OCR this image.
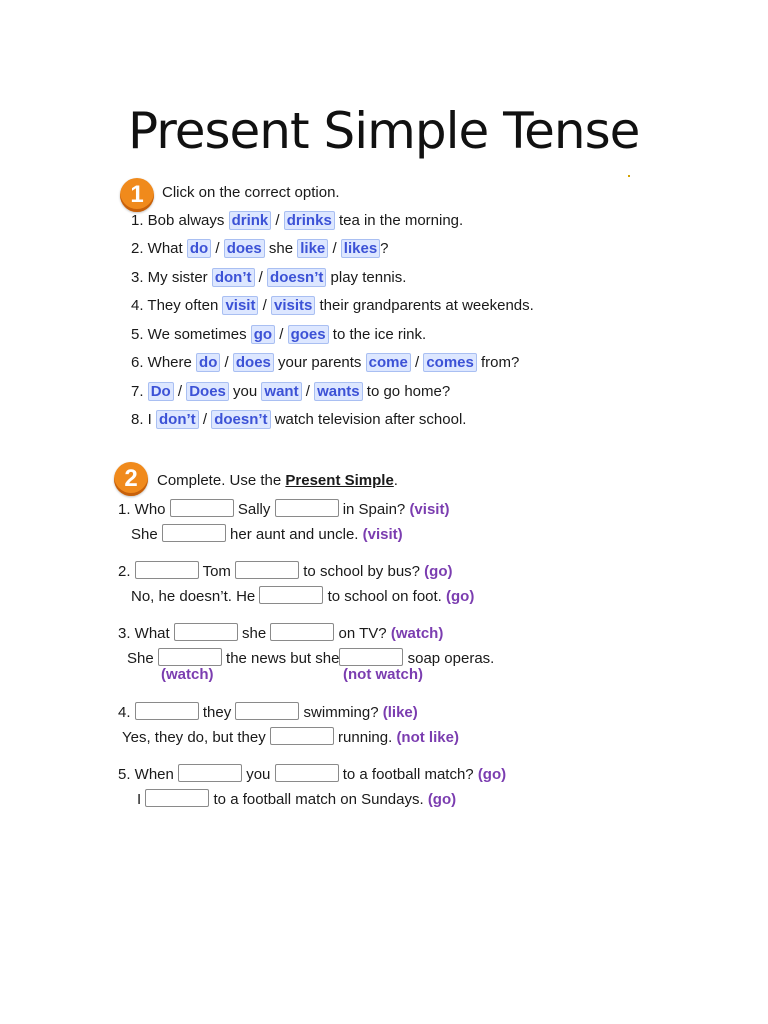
Present Simple Tense
1	Click on the correct option.
1. Bob always drink / drinks tea in the morning.
2. What do / does she like / likes ?
3. My sister don’t / doesn’t play tennis.
4. They often visit / visits their grandparents at weekends.
5. We sometimes go / goes to the ice rink.
6. Where do / does your parents come / comes from?
7. Do / Does you want / wants to go home?
8. I don’t / doesn’t watch television after school.
2	Complete. Use the Present Simple.
1. Who	Sally	in Spain? (visit)
She	her aunt and uncle. (visit)
2.	Tom	to school by bus? (go)
No, he doesn’t. He	to school on foot. (go)
3. What	she	on TV? (watch)
She	the news but she	soap operas.
(watch)	(not watch)
4.	they	swimming? (like)
Yes, they do, but they	running. (not like)
5. When	you	to a football match? (go)
I	to a football match on Sundays. (go)
